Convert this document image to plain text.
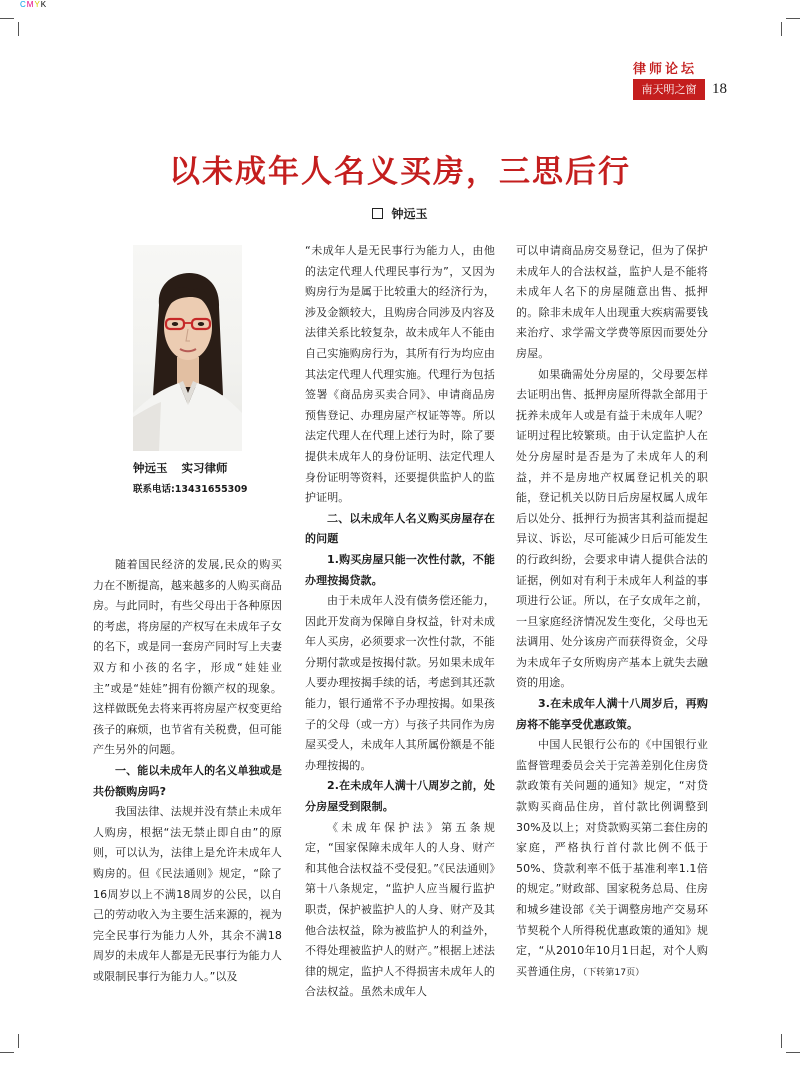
CMYK
律师论坛
南天明之窗	18
以未成年人名义买房，三思后行
钟远玉
钟远玉 实习律师
联系电话:13431655309

随着国民经济的发展,民众的购买力在不断提高，越来越多的人购买商品房。与此同时，有些父母出于各种原因的考虑，将房屋的产权写在未成年子女的名下，或是同一套房产同时写上夫妻双方和小孩的名字，形成“娃娃业主”或是“娃娃”拥有份额产权的现象。这样做既免去将来再将房屋产权变更给孩子的麻烦，也节省有关税费，但可能产生另外的问题。

一、能以未成年人的名义单独或是共份额购房吗?

我国法律、法规并没有禁止未成年人购房，根据“法无禁止即自由”的原则，可以认为，法律上是允许未成年人购房的。但《民法通则》规定，“除了16周岁以上不满18周岁的公民，以自己的劳动收入为主要生活来源的，视为完全民事行为能力人外，其余不满18周岁的未成年人都是无民事行为能力人或限制民事行为能力人。”以及

“未成年人是无民事行为能力人，由他的法定代理人代理民事行为”，又因为购房行为是属于比较重大的经济行为，涉及金额较大，且购房合同涉及内容及法律关系比较复杂，故未成年人不能由自己实施购房行为，其所有行为均应由其法定代理人代理实施。代理行为包括签署《商品房买卖合同》、申请商品房预售登记、办理房屋产权证等等。所以法定代理人在代理上述行为时，除了要提供未成年人的身份证明、法定代理人身份证明等资料，还要提供监护人的监护证明。

二、以未成年人名义购买房屋存在的问题

1.购买房屋只能一次性付款，不能办理按揭贷款。

由于未成年人没有债务偿还能力，因此开发商为保障自身权益，针对未成年人买房，必须要求一次性付款，不能分期付款或是按揭付款。另如果未成年人要办理按揭手续的话，考虑到其还款能力，银行通常不予办理按揭。如果孩子的父母（或一方）与孩子共同作为房屋买受人，未成年人其所属份额是不能办理按揭的。

2.在未成年人满十八周岁之前，处分房屋受到限制。

《未成年保护法》第五条规定，“国家保障未成年人的人身、财产和其他合法权益不受侵犯。”《民法通则》第十八条规定，“监护人应当履行监护职责，保护被监护人的人身、财产及其他合法权益，除为被监护人的利益外，不得处理被监护人的财产。”根据上述法律的规定，监护人不得损害未成年人的合法权益。虽然未成年人

可以申请商品房交易登记，但为了保护未成年人的合法权益，监护人是不能将未成年人名下的房屋随意出售、抵押的。除非未成年人出现重大疾病需要钱来治疗、求学需文学费等原因而要处分房屋。

如果确需处分房屋的，父母要怎样去证明出售、抵押房屋所得款全部用于抚养未成年人或是有益于未成年人呢？证明过程比较繁琐。由于认定监护人在处分房屋时是否是为了未成年人的利益，并不是房地产权属登记机关的职能，登记机关以防日后房屋权属人成年后以处分、抵押行为损害其利益而提起异议、诉讼，尽可能减少日后可能发生的行政纠纷，会要求申请人提供合法的证据，例如对有利于未成年人利益的事项进行公证。所以，在子女成年之前，一旦家庭经济情况发生变化，父母也无法调用、处分该房产而获得资金，父母为未成年子女所购房产基本上就失去融资的用途。

3.在未成年人满十八周岁后，再购房将不能享受优惠政策。

中国人民银行公布的《中国银行业监督管理委员会关于完善差别化住房贷款政策有关问题的通知》规定，“对贷款购买商品住房，首付款比例调整到30%及以上；对贷款购买第二套住房的家庭，严格执行首付款比例不低于50%、贷款利率不低于基准利率1.1倍的规定。”财政部、国家税务总局、住房和城乡建设部《关于调整房地产交易环节契税个人所得税优惠政策的通知》规定，“从2010年10月1日起，对个人购买普通住房，（下转第17页）
